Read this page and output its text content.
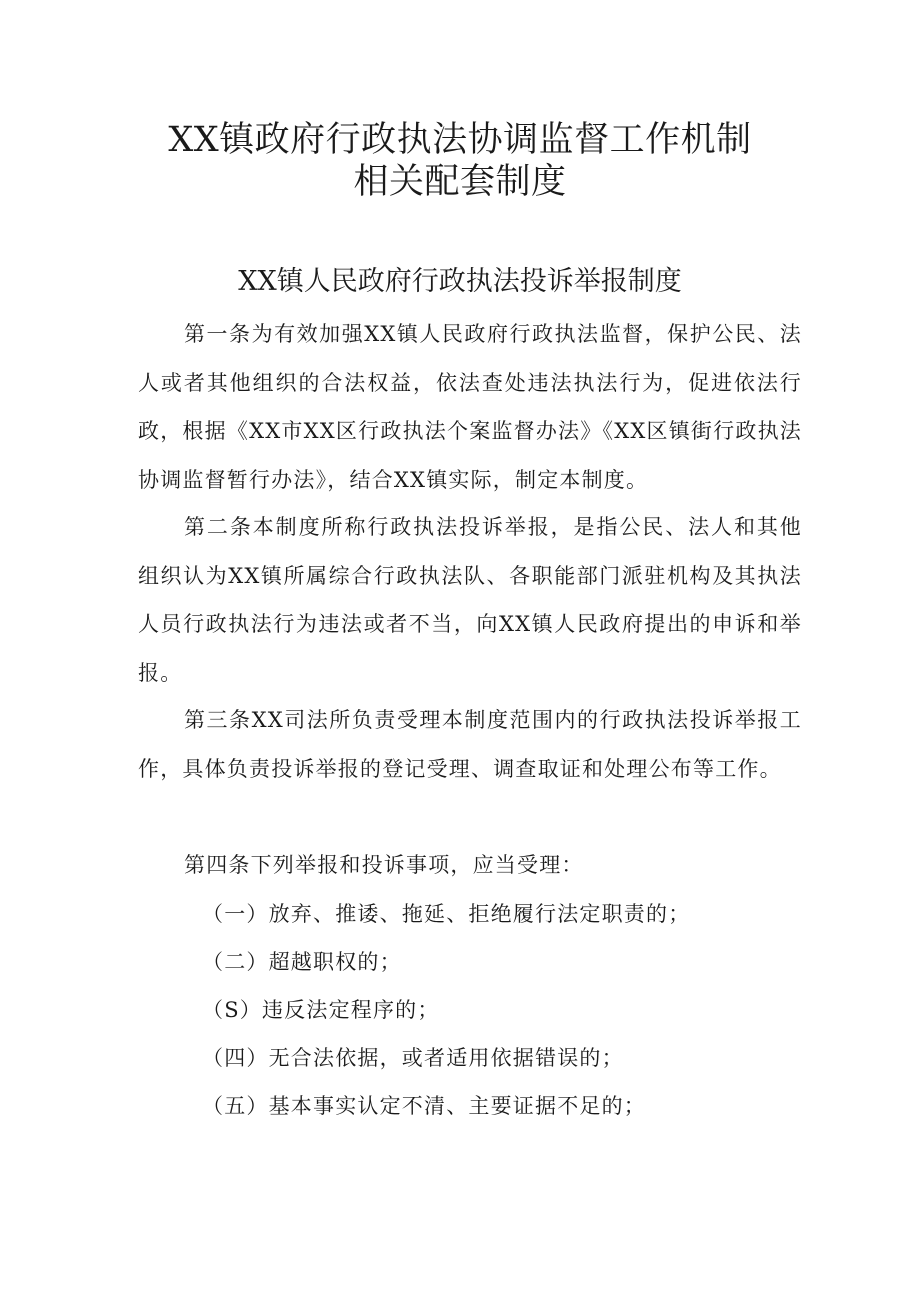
XX镇政府行政执法协调监督工作机制
相关配套制度
XX镇人民政府行政执法投诉举报制度

第一条为有效加强XX镇人民政府行政执法监督，保护公民、法人或者其他组织的合法权益，依法查处违法执法行为，促进依法行政，根据《XX市XX区行政执法个案监督办法》《XX区镇街行政执法协调监督暂行办法》，结合XX镇实际，制定本制度。

第二条本制度所称行政执法投诉举报，是指公民、法人和其他组织认为XX镇所属综合行政执法队、各职能部门派驻机构及其执法人员行政执法行为违法或者不当，向XX镇人民政府提出的申诉和举报。

第三条XX司法所负责受理本制度范围内的行政执法投诉举报工作，具体负责投诉举报的登记受理、调查取证和处理公布等工作。

第四条下列举报和投诉事项，应当受理：

（一）放弃、推诿、拖延、拒绝履行法定职责的；

（二）超越职权的；

（S）违反法定程序的；

（四）无合法依据，或者适用依据错误的；

（五）基本事实认定不清、主要证据不足的；
